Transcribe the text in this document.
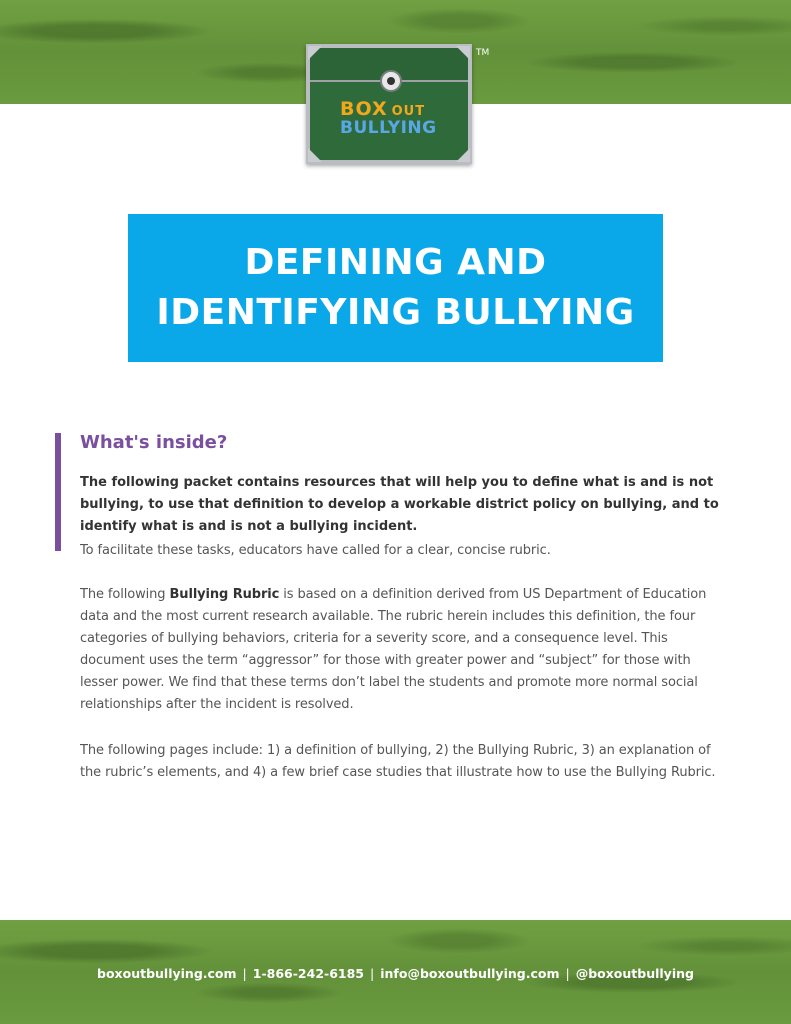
BOX OUT
BULLYING
TM
DEFINING AND
IDENTIFYING BULLYING
What's inside?
The following packet contains resources that will help you to define what is and is not bullying, to use that definition to develop a workable district policy on bullying, and to identify what is and is not a bullying incident.
To facilitate these tasks, educators have called for a clear, concise rubric.
The following Bullying Rubric is based on a definition derived from US Department of Education data and the most current research available. The rubric herein includes this definition, the four categories of bullying behaviors, criteria for a severity score, and a consequence level. This document uses the term “aggressor” for those with greater power and “subject” for those with lesser power. We find that these terms don’t label the students and promote more normal social relationships after the incident is resolved.
The following pages include: 1) a definition of bullying, 2) the Bullying Rubric, 3) an explanation of the rubric’s elements, and 4) a few brief case studies that illustrate how to use the Bullying Rubric.
boxoutbullying.com | 1-866-242-6185 | info@boxoutbullying.com | @boxoutbullying
